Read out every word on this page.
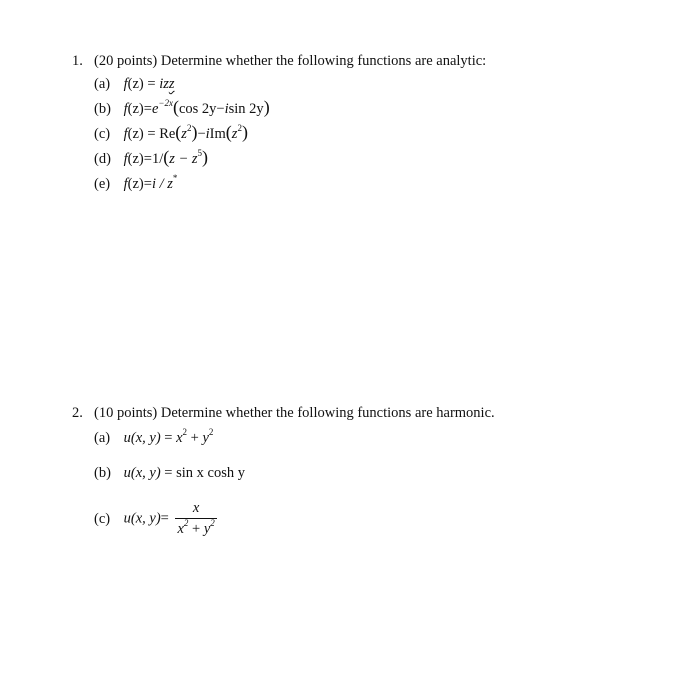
1. (20 points) Determine whether the following functions are analytic:
(a) f(z) = izz
(b) $f(z)=e^{-2x}(\cos$ 2y−isin 2y)
(c) $f(z) = Re(z^2)-iIm(z^2)$
(d) $f(z)=1/(z - z^5)$
(e) f(z)=i / z*
2. (10 points) Determine whether the following functions are harmonic.
(a) u(x, $y) = x^2 + y^2$
(b) u(x, y) = sin x cosh y
(c) u(x, $y)= \frac{x}{x^2 + y^2}$
